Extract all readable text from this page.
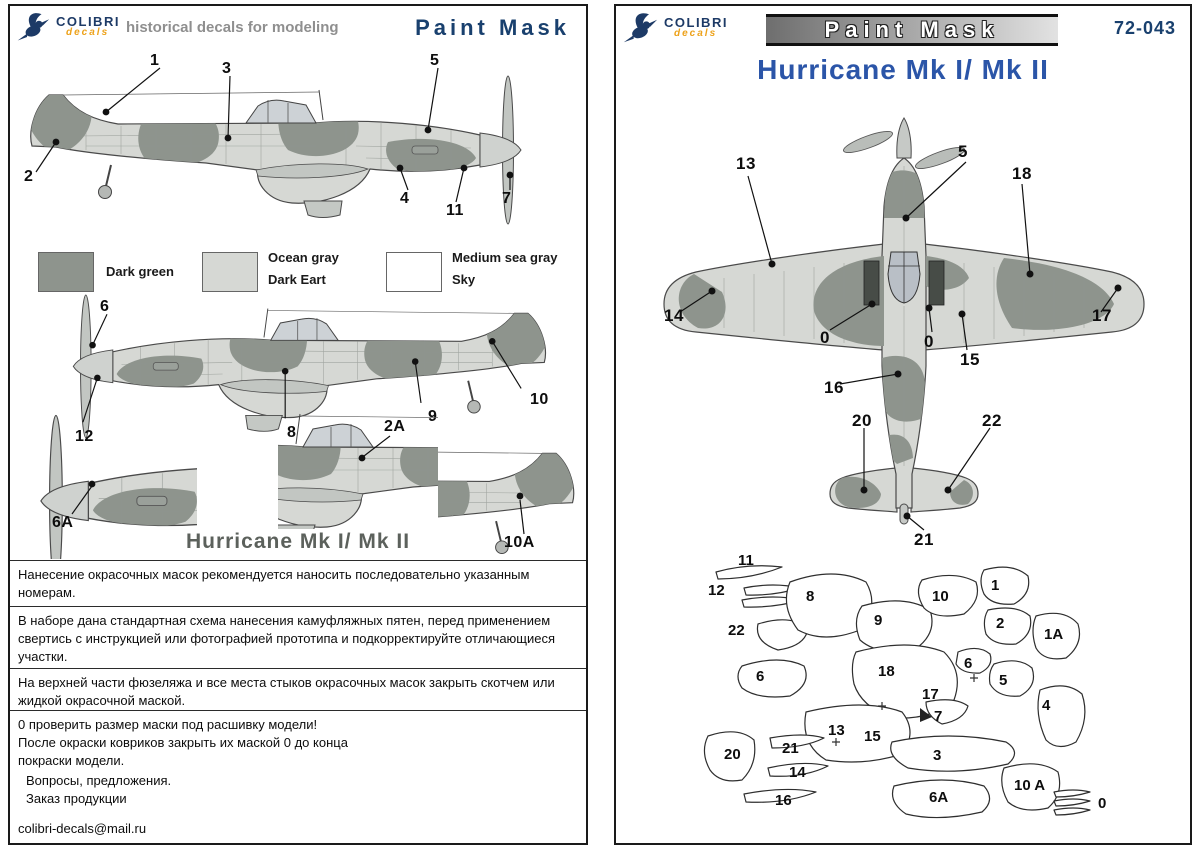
COLIBRI
decals	historical decals for modeling	Paint Mask
1	3	5
2
4
11
7
Dark green
Ocean gray
Dark Eart
Medium sea gray
Sky
6
12	8
9
10
6A
2A
10A
Hurricane Mk I/ Mk II
Нанесение окрасочных масок рекомендуется наносить последовательно указанным номерам.
В наборе дана стандартная схема нанесения камуфляжных пятен, перед применением свертись с инструкцией или фотографией прототипа и подкорректируйте отличающиеся участки.
На верхней части фюзеляжа и все места стыков окрасочных масок закрыть скотчем или жидкой окрасочной маской.
0 проверить размер маски под расшивку модели! После окраски ковриков закрыть их маской 0 до конца покраски модели.
Вопросы, предложения.
Заказ продукции
colibri-decals@mail.ru
COLIBRI
decals	Paint Mask	72-043
Hurricane Mk I/ Mk II
13
5
18
14
0	0
15
17
16
20	22
21
11
12
22
8
9
10
1
2
1A
6	18
17
6
5
4
13 15
7
21
20
14
3
16	6A
10 A
0
